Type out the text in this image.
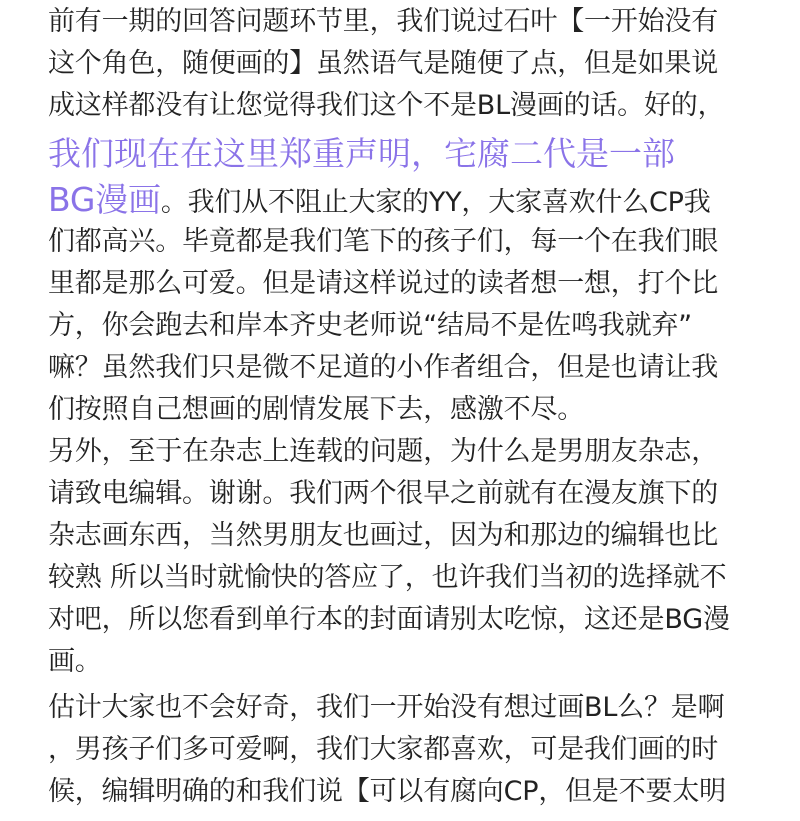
前有一期的回答问题环节里，我们说过石叶【一开始没有
这个角色，随便画的】虽然语气是随便了点，但是如果说
成这样都没有让您觉得我们这个不是BL漫画的话。好的，
我们现在在这里郑重声明，宅腐二代是一部
BG漫画。我们从不阻止大家的YY，大家喜欢什么CP我
们都高兴。毕竟都是我们笔下的孩子们，每一个在我们眼
里都是那么可爱。但是请这样说过的读者想一想，打个比
方，你会跑去和岸本齐史老师说“结局不是佐鸣我就弃”
嘛？虽然我们只是微不足道的小作者组合，但是也请让我
们按照自己想画的剧情发展下去，感激不尽。
另外，至于在杂志上连载的问题，为什么是男朋友杂志，
请致电编辑。谢谢。我们两个很早之前就有在漫友旗下的
杂志画东西，当然男朋友也画过，因为和那边的编辑也比
较熟 所以当时就愉快的答应了，也许我们当初的选择就不
对吧，所以您看到单行本的封面请别太吃惊，这还是BG漫
画。
估计大家也不会好奇，我们一开始没有想过画BL么？是啊
，男孩子们多可爱啊，我们大家都喜欢，可是我们画的时
候，编辑明确的和我们说【可以有腐向CP，但是不要太明
